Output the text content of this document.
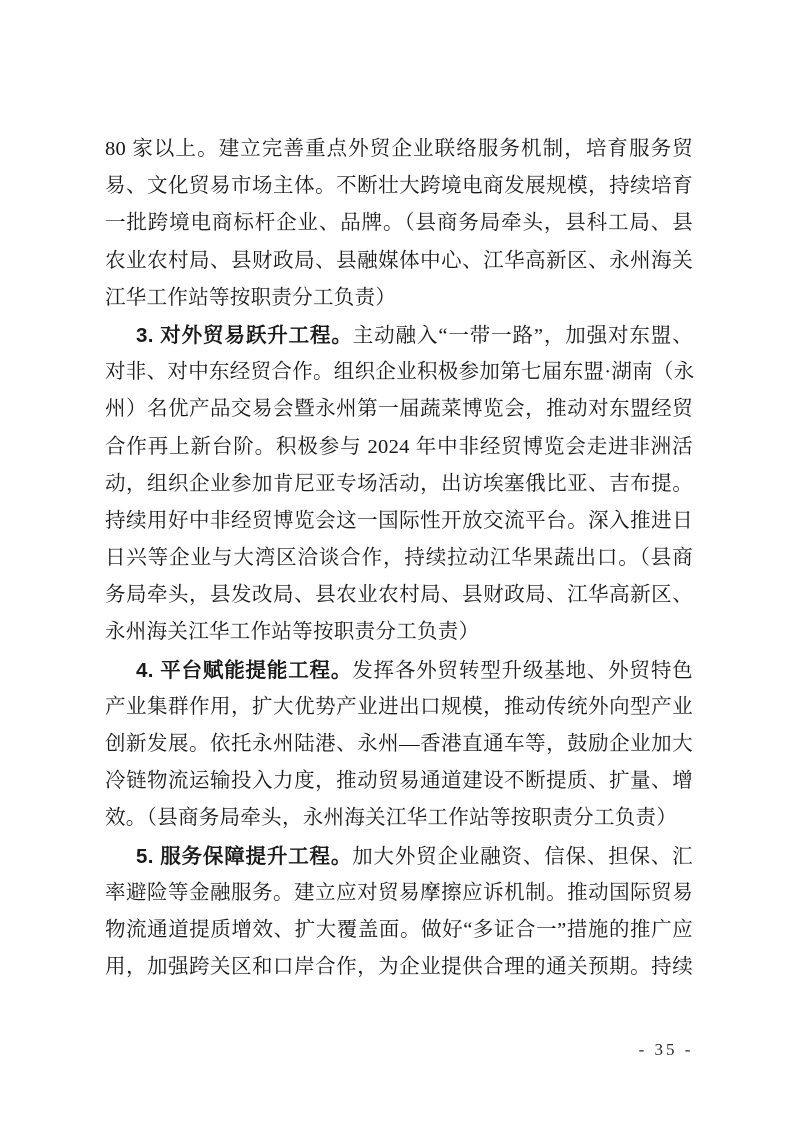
80 家以上。建立完善重点外贸企业联络服务机制，培育服务贸
易、文化贸易市场主体。不断壮大跨境电商发展规模，持续培育
一批跨境电商标杆企业、品牌。（县商务局牵头，县科工局、县
农业农村局、县财政局、县融媒体中心、江华高新区、永州海关
江华工作站等按职责分工负责）
3. 对外贸易跃升工程。主动融入“一带一路”，加强对东盟、
对非、对中东经贸合作。组织企业积极参加第七届东盟·湖南（永
州）名优产品交易会暨永州第一届蔬菜博览会，推动对东盟经贸
合作再上新台阶。积极参与 2024 年中非经贸博览会走进非洲活
动，组织企业参加肯尼亚专场活动，出访埃塞俄比亚、吉布提。
持续用好中非经贸博览会这一国际性开放交流平台。深入推进日
日兴等企业与大湾区洽谈合作，持续拉动江华果蔬出口。（县商
务局牵头，县发改局、县农业农村局、县财政局、江华高新区、
永州海关江华工作站等按职责分工负责）
4. 平台赋能提能工程。发挥各外贸转型升级基地、外贸特色
产业集群作用，扩大优势产业进出口规模，推动传统外向型产业
创新发展。依托永州陆港、永州—香港直通车等，鼓励企业加大
冷链物流运输投入力度，推动贸易通道建设不断提质、扩量、增
效。（县商务局牵头，永州海关江华工作站等按职责分工负责）
5. 服务保障提升工程。加大外贸企业融资、信保、担保、汇
率避险等金融服务。建立应对贸易摩擦应诉机制。推动国际贸易
物流通道提质增效、扩大覆盖面。做好“多证合一”措施的推广应
用，加强跨关区和口岸合作，为企业提供合理的通关预期。持续
- 35 -
